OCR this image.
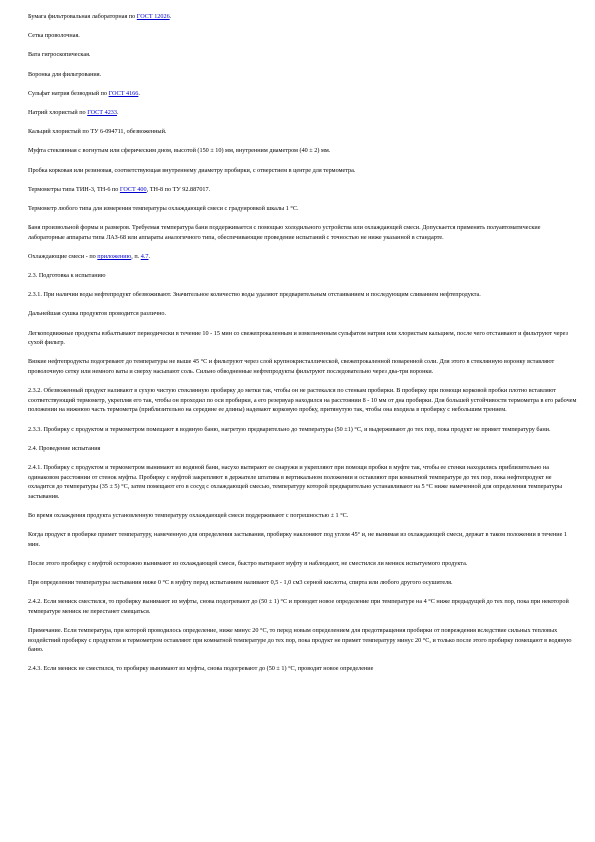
Бумага фильтровальная лабораторная по ГОСТ 12026.

Сетка проволочная.

Вата гигроскопическая.

Воронка для фильтрования.

Сульфат натрия безводный по ГОСТ 4166.

Натрий хлористый по ГОСТ 4233.

Кальций хлористый по ТУ 6-094711, обезвоженный.

Муфта стеклянная с вогнутым или сферическим дном, высотой (150 ± 10) мм, внутренним диаметром (40 ± 2) мм.

Пробка корковая или резиновая, соответствующая внутреннему диаметру пробирки, с отверстием в центре для термометра.

Термометры типа ТИН-3, ТН-6 по ГОСТ 400, ТН-8 по ТУ 92.887017.

Термометр любого типа для измерения температуры охлаждающей смеси с градуировкой шкалы 1 °С.

Баня произвольной формы и размеров. Требуемая температура бани поддерживается с помощью холодильного устройства или охлаждающей смеси. Допускается применять полуавтоматические лабораторные аппараты типа ЛАЗ-68 или аппараты аналогичного типа, обеспечивающие проведение испытаний с точностью не ниже указанной в стандарте.

Охлаждающие смеси - по приложению, п. 4.7.

2.3. Подготовка к испытанию

2.3.1. При наличии воды нефтепродукт обезвоживают. Значительное количество воды удаляют предварительным отстаиванием и последующим сливанием нефтепродукта.

Дальнейшая сушка продуктов проводится различно.

Легкоподвижные продукты взбалтывают периодически в течение 10 - 15 мин со свежепрокаленным и измельченным сульфатом натрия или хлористым кальцием, после чего отстаивают и фильтруют через сухой фильтр.

Вязкие нефтепродукты подогревают до температуры не выше 45 °С и фильтруют через слой крупнокристаллической, свежепрокаленной поваренной соли. Для этого в стеклянную воронку вставляют проволочную сетку или немного ваты и сверху насыпают соль. Сильно обводненные нефтепродукты фильтруют последовательно через два-три воронки.

2.3.2. Обезвоженный продукт наливают в сухую чистую стеклянную пробирку до метки так, чтобы он не растекался по стенкам пробирки. В пробирку при помощи корковой пробки плотно вставляют соответствующий термометр, укрепляя его так, чтобы он проходил по оси пробирки, а его резервуар находился на расстоянии 8 - 10 мм от дна пробирки. Для большей устойчивости термометра в его рабочем положении на нижнюю часть термометра (приблизительно на середине ее длины) надевают корковую пробку, притянутую так, чтобы она входила в пробирку с небольшим трением.

2.3.3. Пробирку с продуктом и термометром помещают в водяную баню, нагретую предварительно до температуры (50 ±1) °С, и выдерживают до тех пор, пока продукт не примет температуру бани.

2.4. Проведение испытания

2.4.1. Пробирку с продуктом и термометром вынимают из водяной бани, насухо вытирают ее снаружи и укрепляют при помощи пробки в муфте так, чтобы ее стенки находились приблизительно на одинаковом расстоянии от стенок муфты. Пробирку с муфтой закрепляют в держателе штатива в вертикальном положении и оставляют при комнатной температуре до тех пор, пока нефтепродукт не охладится до температуры (35 ± 5) °С, затем помещают его в сосуд с охлаждающей смесью, температуру которой предварительно устанавливают на 5 °С ниже намеченной для определения температуры застывания.

Во время охлаждения продукта установленную температуру охлаждающей смеси поддерживают с погрешностью ± 1 °С.

Когда продукт в пробирке примет температуру, намеченную для определения застывания, пробирку наклоняют под углом 45° и, не вынимая из охлаждающей смеси, держат в таком положении в течение 1 мин.

После этого пробирку с муфтой осторожно вынимают из охлаждающей смеси, быстро вытирают муфту и наблюдают, не сместился ли мениск испытуемого продукта.

При определении температуры застывания ниже 0 °С в муфту перед испытанием наливают 0,5 - 1,0 см3 серной кислоты, спирта или любого другого осушителя.

2.4.2. Если мениск сместился, то пробирку вынимают из муфты, снова подогревают до (50 ± 1) °С и проводят новое определение при температуре на 4 °С ниже предыдущей до тех пор, пока при некоторой температуре мениск не перестанет смещаться.

Примечание. Если температура, при которой проводилось определение, ниже минус 20 °С, то перед новым определением для предотвращения пробирки от повреждения вследствие сильных тепловых воздействий пробирку с продуктом и термометром оставляют при комнатной температуре до тех пор, пока продукт не примет температуру минус 20 °С, и только после этого пробирку помещают в водяную баню.

2.4.3. Если мениск не сместился, то пробирку вынимают из муфты, снова подогревают до (50 ± 1) °С, проводят новое определение
